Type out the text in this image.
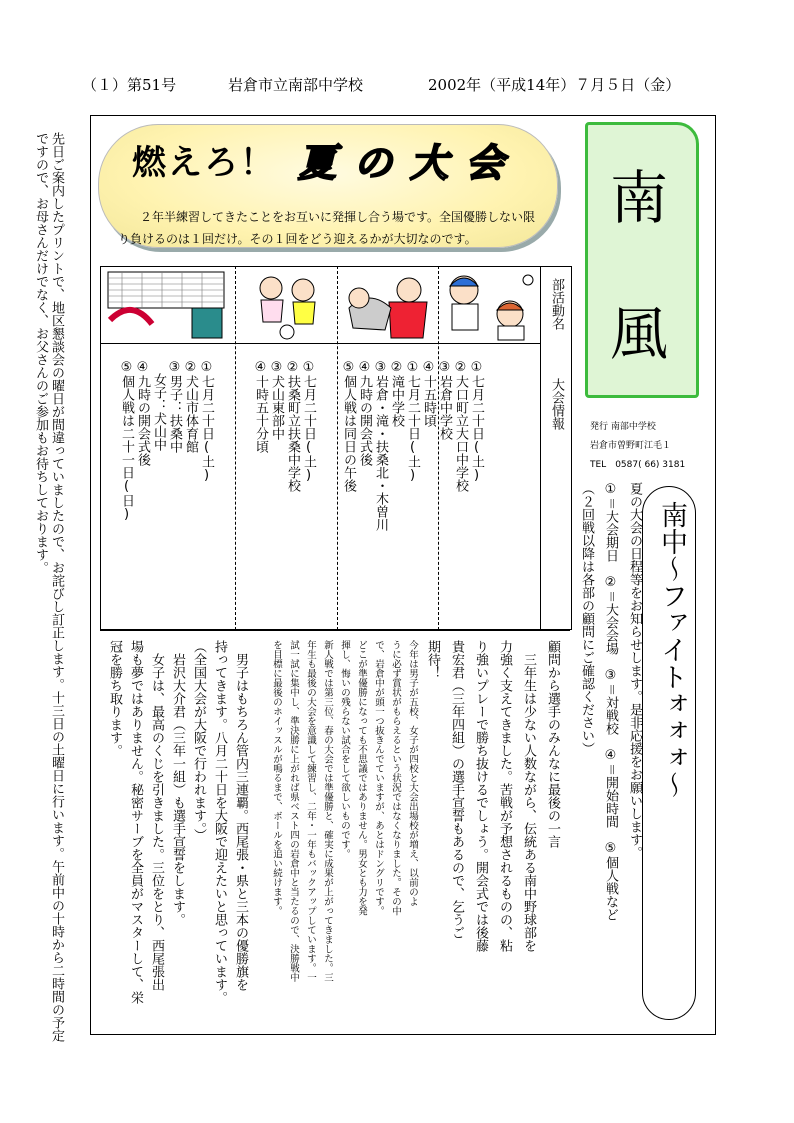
（１）第51号	岩倉市立南部中学校	2002年（平成14年）７月５日（金）
先日ご案内したプリントで、地区懇談会の曜日が間違っていましたので、お詫びし訂正します。十三日の土曜日に行います。午前中の十時から二時間の予定
ですので、お母さんだけでなく、お父さんのご参加もお待ちしております。	燃えろ！ 夏の大会
２年半練習してきたことをお互いに発揮し合う場です。全国優勝しない限
り負けるのは１回だけ。その１回をどう迎えるかが大切なのです。
南
風
発行 南部中学校
岩倉市曽野町江毛１
TEL　0587( 66) 3181
部活動名
大会情報
①七月二十日(土)
②大口町立大口中学校
③岩倉中学校
④十五時頃
①七月二十日(土)
②滝中学校
③岩倉・滝・扶桑北・木曽川
④九時の開会式後
⑤個人戦は同日の午後
①七月二十日(土)
②扶桑町立扶桑中学校
③犬山東部中
④十時五十分頃
①七月二十日(土)
②犬山市体育館
③男子：扶桑中
　女子：犬山中
④九時の開会式後
⑤個人戦は二十一日(日)
夏の大会の日程等をお知らせします。是非応援をお願いします。
①＝大会期日　②＝大会会場　③＝対戦校　④＝開始時間　⑤個人戦など
（２回戦以降は各部の顧問にご確認ください）	南中〜ファイトォォォ〜
顧問から選手のみんなに最後の一言
　三年生は少ない人数ながら、伝統ある南中野球部を
力強く支えてきました。苦戦が予想されるものの、粘
り強いプレーで勝ち抜けるでしょう。開会式では後藤
貴宏君（三年四組）の選手宣誓もあるので、乞うご
期待！
今年は男子が五校、女子が四校と大会出場校が増え、以前のよ
うに必ず賞状がもらえるという状況ではなくなりました。その中
で、岩倉中が頭一つ抜きんでていますが、あとはドングリです。
どこが準優勝になっても不思議ではありません。男女とも力を発
揮し、悔いの残らない試合をして欲しいものです。
新人戦では第三位、春の大会では準優勝と、確実に成果が上がってきました。三
年生も最後の大会を意識して練習し、二年・一年もバックアップしています。一
試一試に集中し、準決勝に上がれば県ベスト四の岩倉中と当たるので、決勝戦中
を目標に最後のホイッスルが鳴るまで、ボールを追い続けます。
　男子はもちろん管内三連覇。西尾張・県と三本の優勝旗を
持ってきます。八月二十日を大阪で迎えたいと思っています。
（全国大会が大阪で行われます。）
　岩沢大介君（三年一組）も選手宣誓をします。
　女子は、最高のくじを引きました。三位をとり、西尾張出
場も夢ではありません。秘密サーブを全員がマスターして、栄
冠を勝ち取ります。
